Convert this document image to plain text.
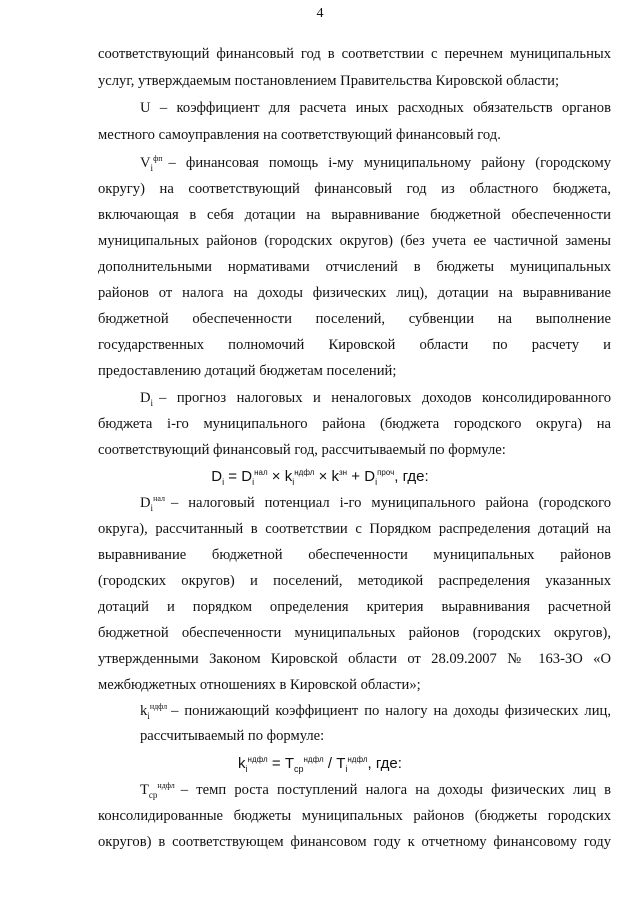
4
соответствующий финансовый год в соответствии с перечнем муниципальных
услуг, утверждаемым постановлением Правительства Кировской области;
U – коэффициент для расчета иных расходных обязательств органов
местного самоуправления на соответствующий финансовый год.
$V_i^{фп}$ – финансовая помощь i-му муниципальному району (городскому
округу) на соответствующий финансовый год из областного бюджета,
включающая в себя дотации на выравнивание бюджетной обеспеченности
муниципальных районов (городских округов) (без учета ее частичной замены
дополнительными нормативами отчислений в бюджеты муниципальных
районов от налога на доходы физических лиц), дотации на выравнивание
бюджетной обеспеченности поселений, субвенции на выполнение
государственных полномочий Кировской области по расчету и
предоставлению дотаций бюджетам поселений;
$D_i$ – прогноз налоговых и неналоговых доходов консолидированного
бюджета i-го муниципального района (бюджета городского округа) на
соответствующий финансовый год, рассчитываемый по формуле:
$D_i = D_i^{нал} \times k_i^{ндфл} \times k^{зн} + D_i^{проч}$, где:
$D_i^{нал}$ – налоговый потенциал i-го муниципального района (городского
округа), рассчитанный в соответствии с Порядком распределения дотаций на
выравнивание бюджетной обеспеченности муниципальных районов
(городских округов) и поселений, методикой распределения указанных
дотаций и порядком определения критерия выравнивания расчетной
бюджетной обеспеченности муниципальных районов (городских округов),
утвержденными Законом Кировской области от 28.09.2007 № 163-ЗО «О
межбюджетных отношениях в Кировской области»;
$k_i^{ндфл}$ – понижающий коэффициент по налогу на доходы физических лиц,
рассчитываемый по формуле:
$k_i^{ндфл} = T_{ср}^{ндфл} / T_i^{ндфл}$, где:
$T_{ср}^{ндфл}$ – темп роста поступлений налога на доходы физических лиц в
консолидированные бюджеты муниципальных районов (бюджеты городских
округов) в соответствующем финансовом году к отчетному финансовому году
